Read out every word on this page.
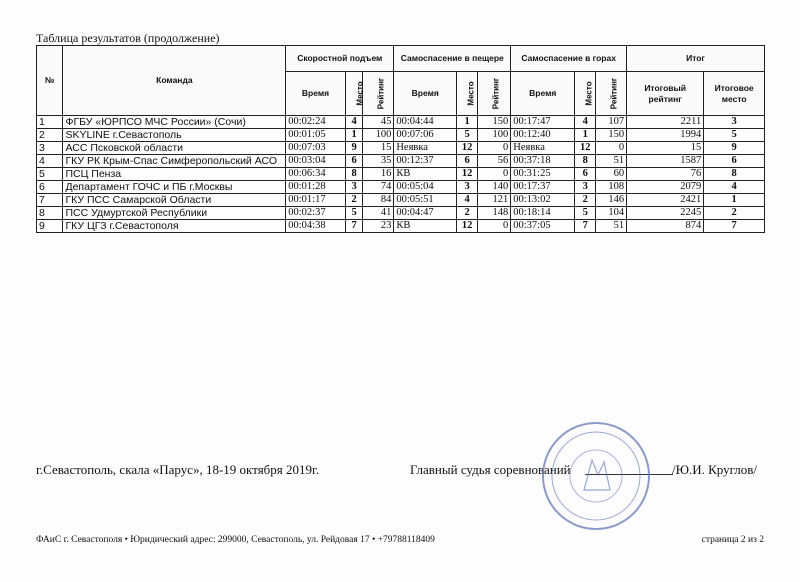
Таблица результатов (продолжение)
№	Команда	Скоростной подъем			Самоспасение в пещере			Самоспасение в горах			Итог	
		Время	Место	Рейтинг	Время	Место	Рейтинг	Время	Место	Рейтинг	Итоговый рейтинг	Итоговое место
1	ФГБУ «ЮРПСО МЧС России» (Сочи)	00:02:24	4	45	00:04:44	1	150	00:17:47	4	107	2211	3
2	SKYLINE г.Севастополь	00:01:05	1	100	00:07:06	5	100	00:12:40	1	150	1994	5
3	АСС Псковской области	00:07:03	9	15	Неявка	12	0	Неявка	12	0	15	9
4	ГКУ РК Крым-Спас Симферопольский АСО	00:03:04	6	35	00:12:37	6	56	00:37:18	8	51	1587	6
5	ПСЦ Пенза	00:06:34	8	16	КВ	12	0	00:31:25	6	60	76	8
6	Департамент ГОЧС и ПБ г.Москвы	00:01:28	3	74	00:05:04	3	140	00:17:37	3	108	2079	4
7	ГКУ ПСС Самарской Области	00:01:17	2	84	00:05:51	4	121	00:13:02	2	146	2421	1
8	ПСС Удмуртской Республики	00:02:37	5	41	00:04:47	2	148	00:18:14	5	104	2245	2
9	ГКУ ЦГЗ г.Севастополя	00:04:38	7	23	КВ	12	0	00:37:05	7	51	874	7
г.Севастополь, скала «Парус», 18-19 октября 2019г.	Главный судья соревнований	/Ю.И. Круглов/
ФАиС г. Севастополя • Юридический адрес: 299000, Севастополь, ул. Рейдовая 17 • +79788118409	страница 2 из 2
